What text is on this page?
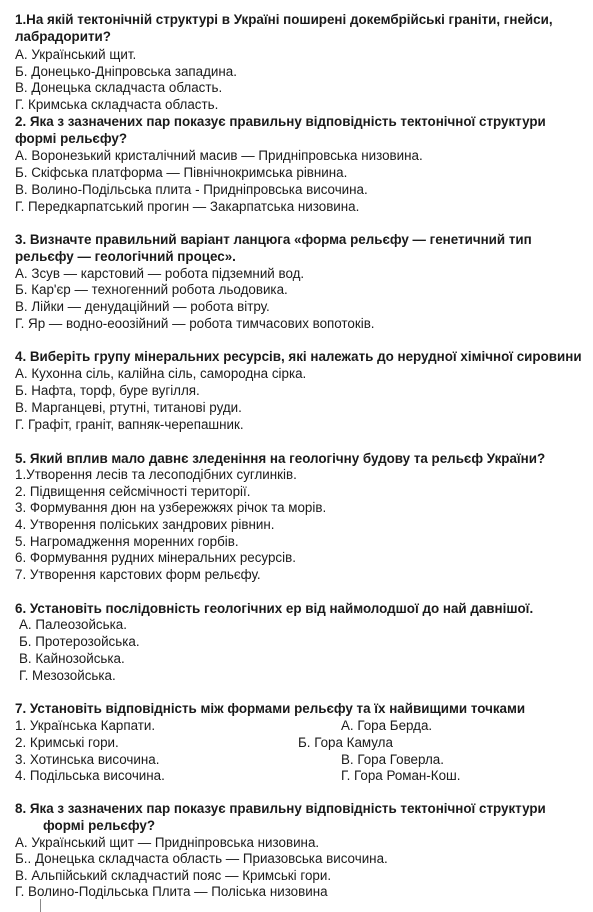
1.На якій тектонічній структурі в Україні поширені докембрійські граніти, гнейси,
лабрадорити?
А. Український щит.
Б. Донецько-Дніпровська западина.
В. Донецька складчаста область.
Г. Кримська складчаста область.
2. Яка з зазначених пар показує правильну відповідність тектонічної структури
формі рельєфу?
А. Воронезький кристалічний масив — Придніпровська низовина.
Б. Скіфська платформа — Північнокримська рівнина.
В. Волино-Подільська плита - Придніпровська височина.
Г. Передкарпатський прогин — Закарпатська низовина.
3. Визначте правильний варіант ланцюга «форма рельєфу — генетичний тип
рельєфу — геологічний процес».
А. Зсув — карстовий — робота підземний вод.
Б. Кар'єр — техногенний робота льодовика.
В. Лійки — денудаційний — робота вітру.
Г. Яр — водно-еоозійний — робота тимчасових вопотоків.
4. Виберіть групу мінеральних ресурсів, які належать до нерудної хімічної сировини
А. Кухонна сіль, калійна сіль, самородна сірка.
Б. Нафта, торф, буре вугілля.
В. Марганцеві, ртутні, титанові руди.
Г. Графіт, граніт, вапняк-черепашник.
5. Який вплив мало давнє зледеніння на геологічну будову та рельєф України?
1.Утворення лесів та лесоподібних суглинків.
2. Підвищення сейсмічності території.
3. Формування дюн на узбережжях річок та морів.
4. Утворення поліських зандрових рівнин.
5. Нагромадження моренних горбів.
6. Формування рудних мінеральних ресурсів.
7. Утворення карстових форм рельєфу.
6. Установіть послідовність геологічних ер від наймолодшої до най давнішої.
А. Палеозойська.
Б. Протерозойська.
В. Кайнозойська.
Г. Мезозойська.
7. Установіть відповідність між формами рельєфу та їх найвищими точками
1. Українська Карпати.
2. Кримські гори.
3. Хотинська височина.
4. Подільська височина.
А. Гора Берда.
Б. Гора Камула
В. Гора Говерла.
Г. Гора Роман-Кош.
8. Яка з зазначених пар показує правильну відповідність тектонічної структури
формі рельєфу?
А. Український щит — Придніпровська низовина.
Б.. Донецька складчаста область — Приазовська височина.
В. Альпійський складчастий пояс — Кримські гори.
Г. Волино-Подільська Плита — Поліська низовина
